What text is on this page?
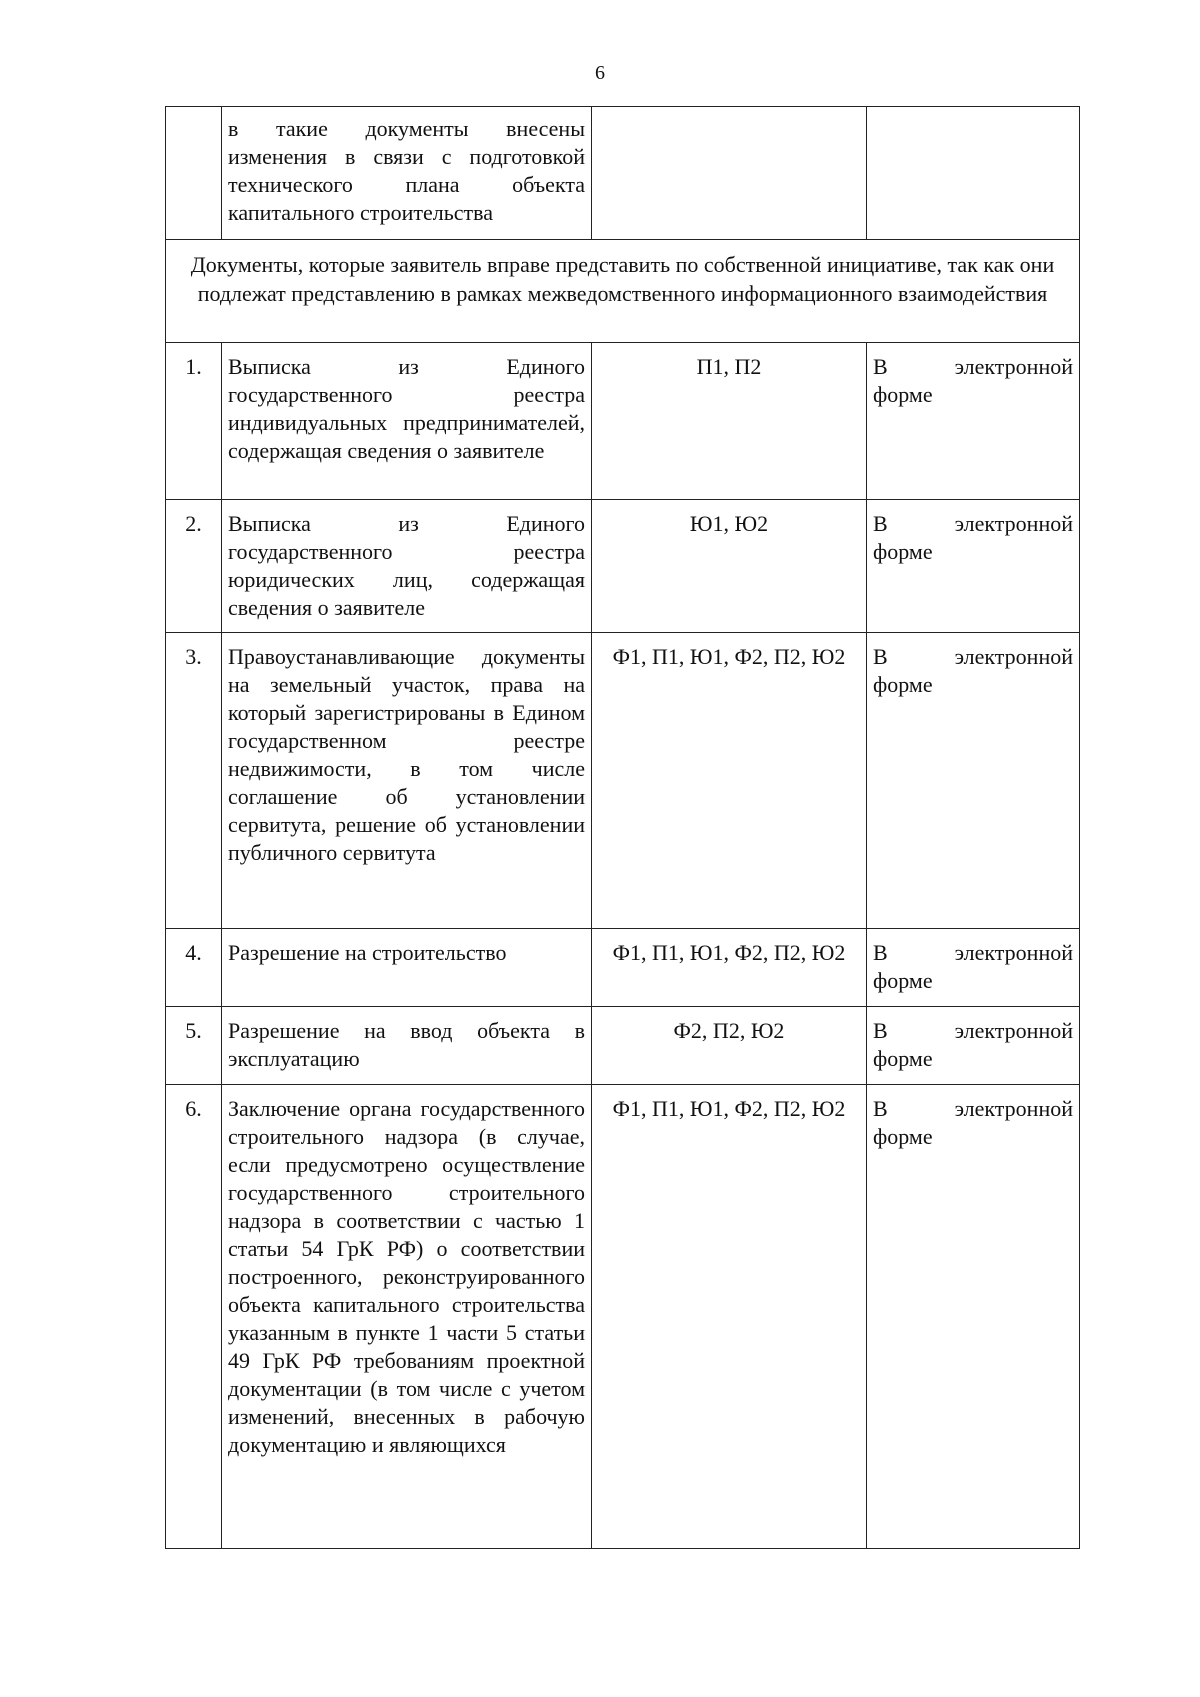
6
	в такие документы внесены изменения в связи с подготовкой технического плана объекта капитального строительства		
Документы, которые заявитель вправе представить по собственной инициативе, так как они подлежат представлению в рамках межведомственного информационного взаимодействия			
1.	Выписка из Единого государственного реестра индивидуальных предпринимателей, содержащая сведения о заявителе	П1, П2	В электронной
форме

2.	Выписка из Единого государственного реестра юридических лиц, содержащая сведения о заявителе	Ю1, Ю2	В электронной
форме

3.	Правоустанавливающие документы на земельный участок, права на который зарегистрированы в Едином государственном реестре недвижимости, в том числе соглашение об установлении сервитута, решение об установлении публичного сервитута	Ф1, П1, Ю1, Ф2, П2, Ю2	В электронной
форме

4.	Разрешение на строительство	Ф1, П1, Ю1, Ф2, П2, Ю2	В электронной
форме

5.	Разрешение на ввод объекта в эксплуатацию	Ф2, П2, Ю2	В электронной
форме

6.	Заключение органа государственного строительного надзора (в случае, если предусмотрено осуществление государственного строительного надзора в соответствии с частью 1 статьи 54 ГрК РФ) о соответствии построенного, реконструированного объекта капитального строительства указанным в пункте 1 части 5 статьи 49 ГрК РФ требованиям проектной документации (в том числе с учетом изменений, внесенных в рабочую документацию и являющихся	Ф1, П1, Ю1, Ф2, П2, Ю2	В электронной
форме
